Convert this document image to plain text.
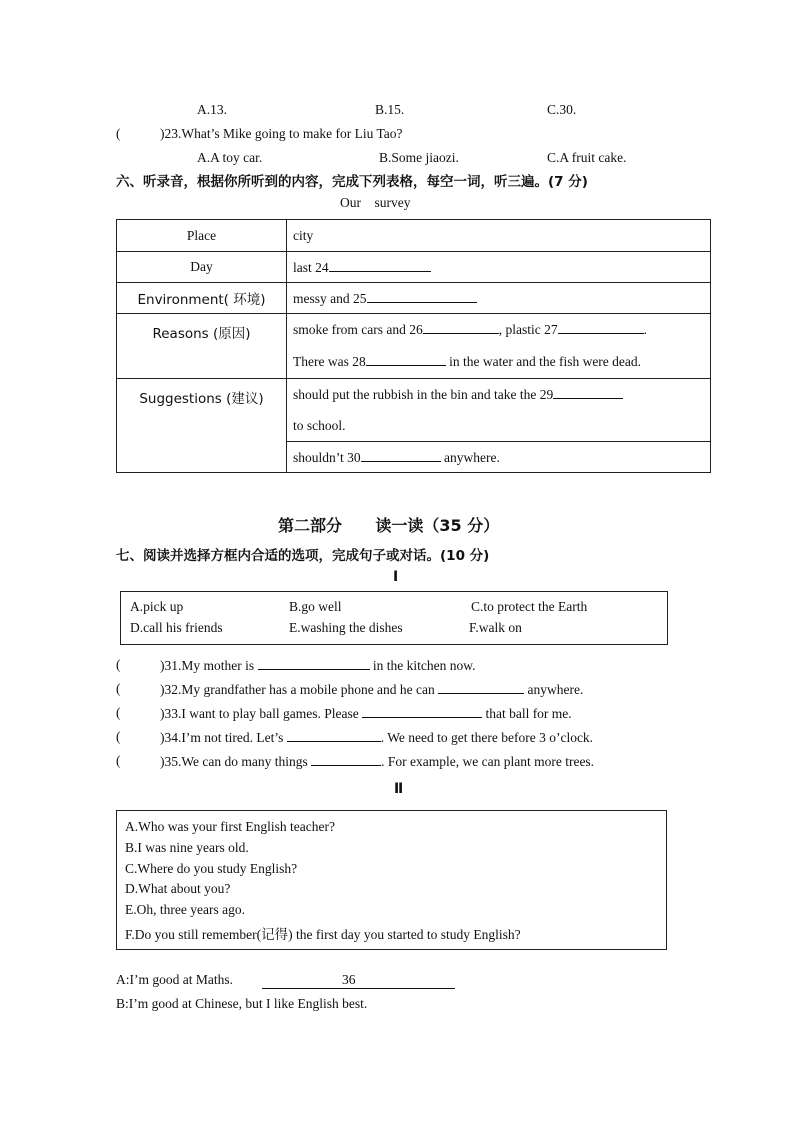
A.13.	B.15.	C.30.
(	)23.What’s Mike going to make for Liu Tao?
A.A toy car.	B.Some jiaozi.	C.A fruit cake.
六、听录音，根据你所听到的内容，完成下列表格，每空一词，听三遍。(7 分)
Our    survey
Place	city
Day	last 24
Environment( 环境)	messy and 25
Reasons (原因)	smoke from cars and 26 , plastic 27 .
There was 28 in the water and the fish were dead.

Suggestions (建议)	should put the rubbish in the bin and take the 29
to school.

	shouldn’t 30 anywhere.
第二部分      读一读（35 分）
七、阅读并选择方框内合适的选项，完成句子或对话。(10 分)
I
A.pick up	B.go well	C.to protect the Earth
D.call his friends	E.washing the dishes	F.walk on
(	)31.My mother is	in the kitchen now.
(	)32.My grandfather has a mobile phone and he can	anywhere.
(	)33.I want to play ball games. Please	that ball for me.
(	)34.I’m not tired. Let’s	. We need to get there before 3 o’clock.
(	)35.We can do many things	. For example, we can plant more trees.
Ⅱ
A.Who was your first English teacher?
B.I was nine years old.
C.Where do you study English?
D.What about you?
E.Oh, three years ago.
F.Do you still remember(记得) the first day you started to study English?
A:I’m good at Maths.	36
B:I’m good at Chinese, but I like English best.
